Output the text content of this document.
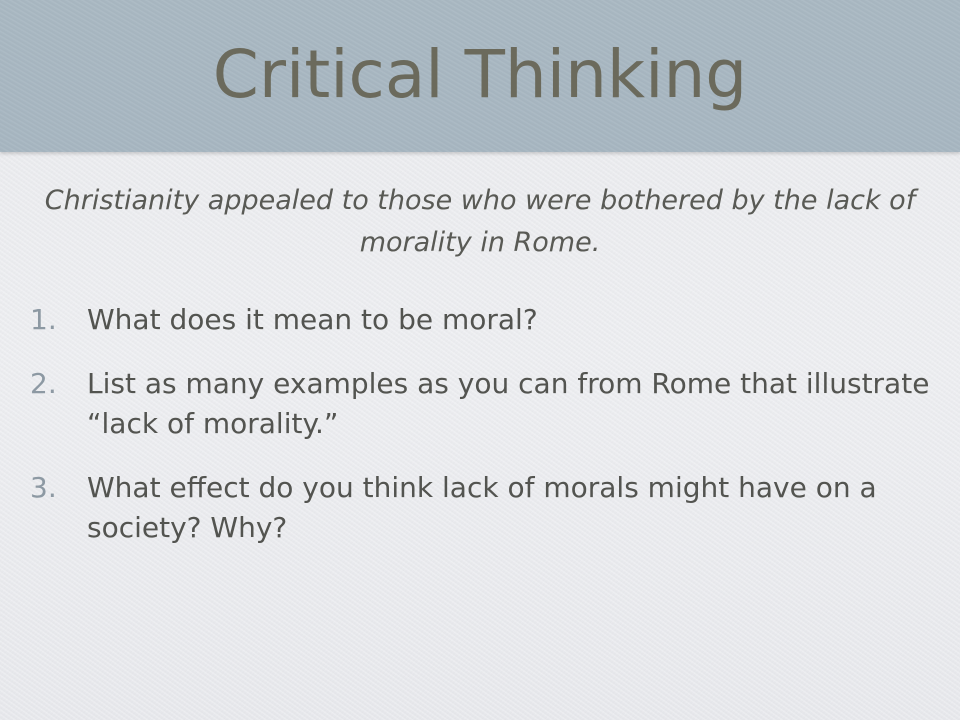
Critical Thinking

Christianity appealed to those who were bothered by the lack of morality in Rome.

1. What does it mean to be moral?
2. List as many examples as you can from Rome that illustrate “lack of morality.”
3. What effect do you think lack of morals might have on a society? Why?
